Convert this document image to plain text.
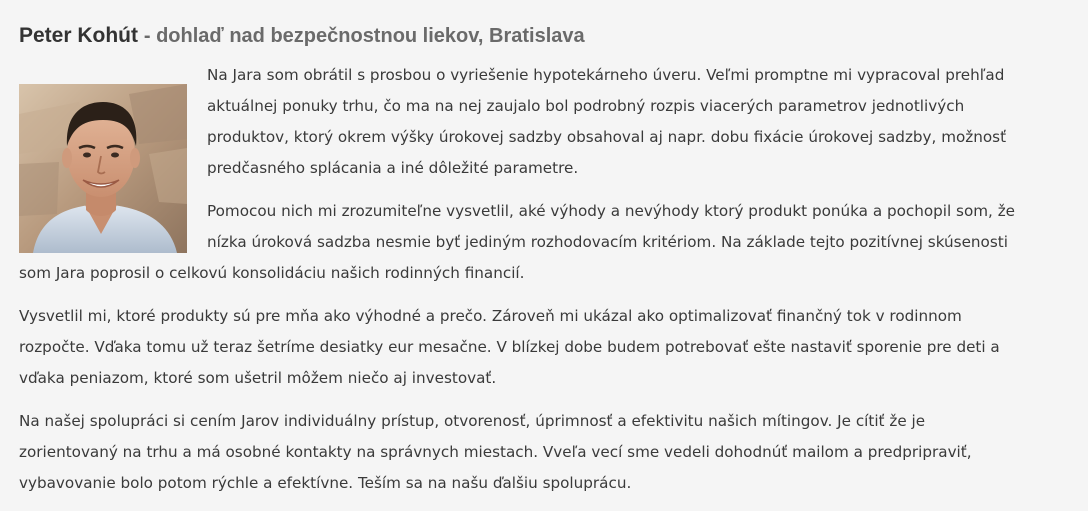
Peter Kohút - dohlaď nad bezpečnostnou liekov, Bratislava

Na Jara som obrátil s prosbou o vyriešenie hypotekárneho úveru. Veľmi promptne mi vypracoval prehľad
aktuálnej ponuky trhu, čo ma na nej zaujalo bol podrobný rozpis viacerých parametrov jednotlivých
produktov, ktorý okrem výšky úrokovej sadzby obsahoval aj napr. dobu fixácie úrokovej sadzby, možnosť
predčasného splácania a iné dôležité parametre.

Pomocou nich mi zrozumiteľne vysvetlil, aké výhody a nevýhody ktorý produkt ponúka a pochopil som, že
nízka úroková sadzba nesmie byť jediným rozhodovacím kritériom. Na základe tejto pozitívnej skúsenosti
som Jara poprosil o celkovú konsolidáciu našich rodinných financií.

Vysvetlil mi, ktoré produkty sú pre mňa ako výhodné a prečo. Zároveň mi ukázal ako optimalizovať finančný tok v rodinnom
rozpočte. Vďaka tomu už teraz šetríme desiatky eur mesačne. V blízkej dobe budem potrebovať ešte nastaviť sporenie pre deti a
vďaka peniazom, ktoré som ušetril môžem niečo aj investovať.

Na našej spolupráci si cením Jarov individuálny prístup, otvorenosť, úprimnosť a efektivitu našich mítingov. Je cítiť že je
zorientovaný na trhu a má osobné kontakty na správnych miestach. Vveľa vecí sme vedeli dohodnúť mailom a predpripraviť,
vybavovanie bolo potom rýchle a efektívne. Teším sa na našu ďalšiu spoluprácu.
